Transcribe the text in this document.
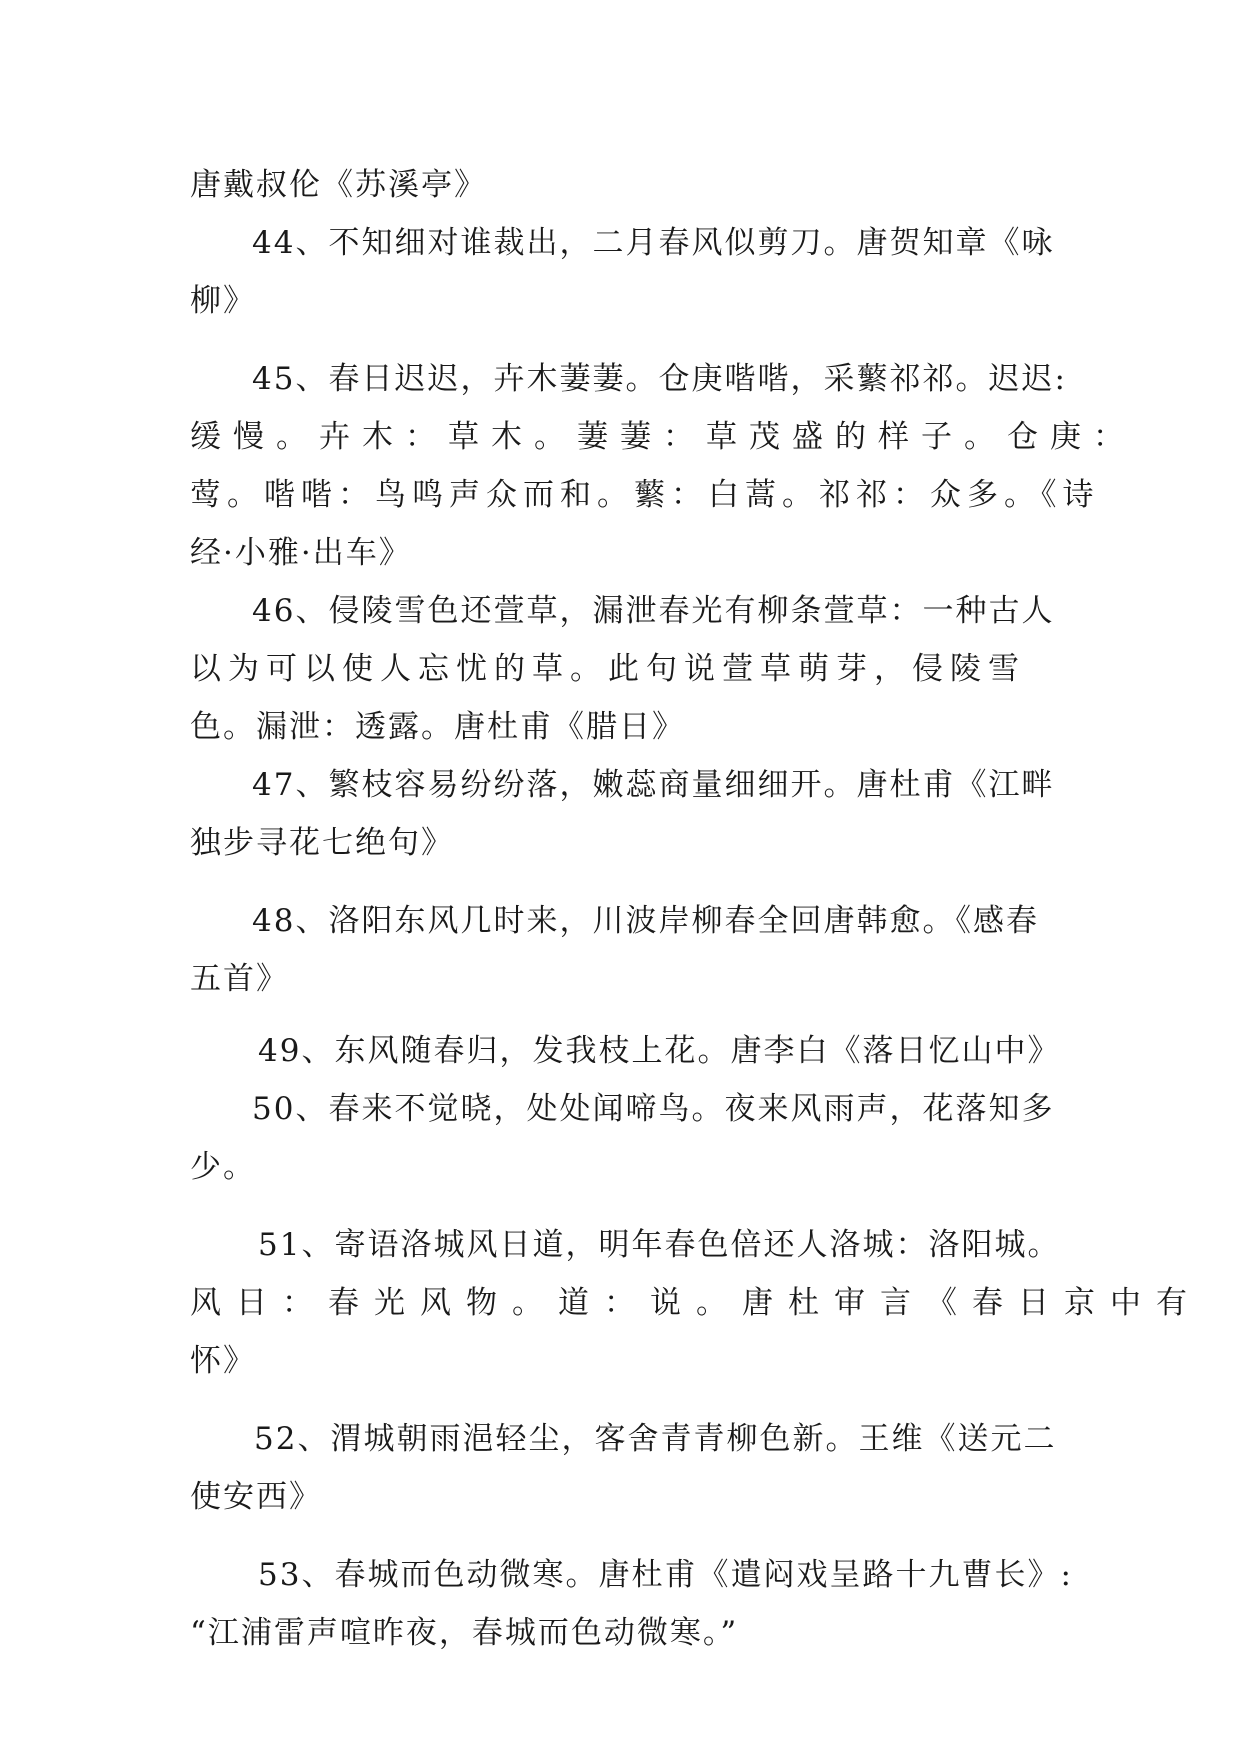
唐戴叔伦《苏溪亭》
44、不知细对谁裁出，二月春风似剪刀。唐贺知章《咏
柳》
45、春日迟迟，卉木萋萋。仓庚喈喈，采蘩祁祁。迟迟:
缓慢。卉木：草木。萋萋：草茂盛的样子。仓庚：
莺。喈喈：鸟鸣声众而和。蘩：白蒿。祁祁：众多。《诗
经·小雅·出车》
46、侵陵雪色还萱草，漏泄春光有柳条萱草：一种古人
以为可以使人忘忧的草。此句说萱草萌芽，侵陵雪
色。漏泄：透露。唐杜甫《腊日》
47、繁枝容易纷纷落，嫩蕊商量细细开。唐杜甫《江畔
独步寻花七绝句》
48、洛阳东风几时来，川波岸柳春全回唐韩愈。《感春
五首》
49、东风随春归，发我枝上花。唐李白《落日忆山中》
50、春来不觉晓，处处闻啼鸟。夜来风雨声，花落知多
少。
51、寄语洛城风日道，明年春色倍还人洛城：洛阳城。
风日：春光风物。道：说。唐杜审言《春日京中有
怀》
52、渭城朝雨浥轻尘，客舍青青柳色新。王维《送元二
使安西》
53、春城而色动微寒。唐杜甫《遣闷戏呈路十九曹长》:
“江浦雷声喧昨夜，春城而色动微寒。”
